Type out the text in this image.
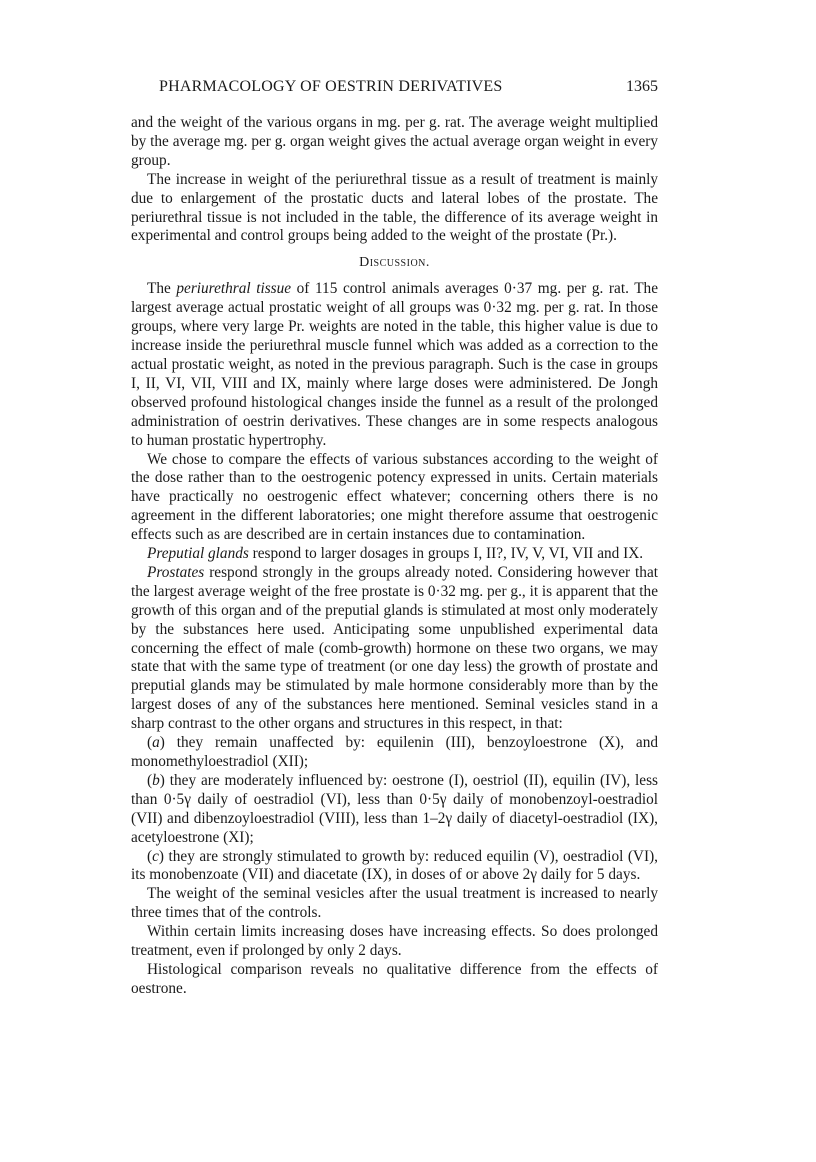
PHARMACOLOGY OF OESTRIN DERIVATIVES	1365

and the weight of the various organs in mg. per g. rat. The average weight multiplied by the average mg. per g. organ weight gives the actual average organ weight in every group.

The increase in weight of the periurethral tissue as a result of treatment is mainly due to enlargement of the prostatic ducts and lateral lobes of the prostate. The periurethral tissue is not included in the table, the difference of its average weight in experimental and control groups being added to the weight of the prostate (Pr.).

Discussion.

The periurethral tissue of 115 control animals averages 0·37 mg. per g. rat. The largest average actual prostatic weight of all groups was 0·32 mg. per g. rat. In those groups, where very large Pr. weights are noted in the table, this higher value is due to increase inside the periurethral muscle funnel which was added as a correction to the actual prostatic weight, as noted in the previous paragraph. Such is the case in groups I, II, VI, VII, VIII and IX, mainly where large doses were administered. De Jongh observed profound histological changes inside the funnel as a result of the prolonged administration of oestrin derivatives. These changes are in some respects analogous to human prostatic hypertrophy.

We chose to compare the effects of various substances according to the weight of the dose rather than to the oestrogenic potency expressed in units. Certain materials have practically no oestrogenic effect whatever; concerning others there is no agreement in the different laboratories; one might therefore assume that oestrogenic effects such as are described are in certain instances due to contamination.

Preputial glands respond to larger dosages in groups I, II?, IV, V, VI, VII and IX.

Prostates respond strongly in the groups already noted. Considering however that the largest average weight of the free prostate is 0·32 mg. per g., it is apparent that the growth of this organ and of the preputial glands is stimulated at most only moderately by the substances here used. Anticipating some unpublished experimental data concerning the effect of male (comb-growth) hormone on these two organs, we may state that with the same type of treatment (or one day less) the growth of prostate and preputial glands may be stimulated by male hormone considerably more than by the largest doses of any of the substances here mentioned. Seminal vesicles stand in a sharp contrast to the other organs and structures in this respect, in that:

(a) they remain unaffected by: equilenin (III), benzoyloestrone (X), and monomethyloestradiol (XII);

(b) they are moderately influenced by: oestrone (I), oestriol (II), equilin (IV), less than 0·5γ daily of oestradiol (VI), less than 0·5γ daily of monobenzoyl-oestradiol (VII) and dibenzoyloestradiol (VIII), less than 1–2γ daily of diacetyl-oestradiol (IX), acetyloestrone (XI);

(c) they are strongly stimulated to growth by: reduced equilin (V), oestradiol (VI), its monobenzoate (VII) and diacetate (IX), in doses of or above 2γ daily for 5 days.

The weight of the seminal vesicles after the usual treatment is increased to nearly three times that of the controls.

Within certain limits increasing doses have increasing effects. So does prolonged treatment, even if prolonged by only 2 days.

Histological comparison reveals no qualitative difference from the effects of oestrone.
